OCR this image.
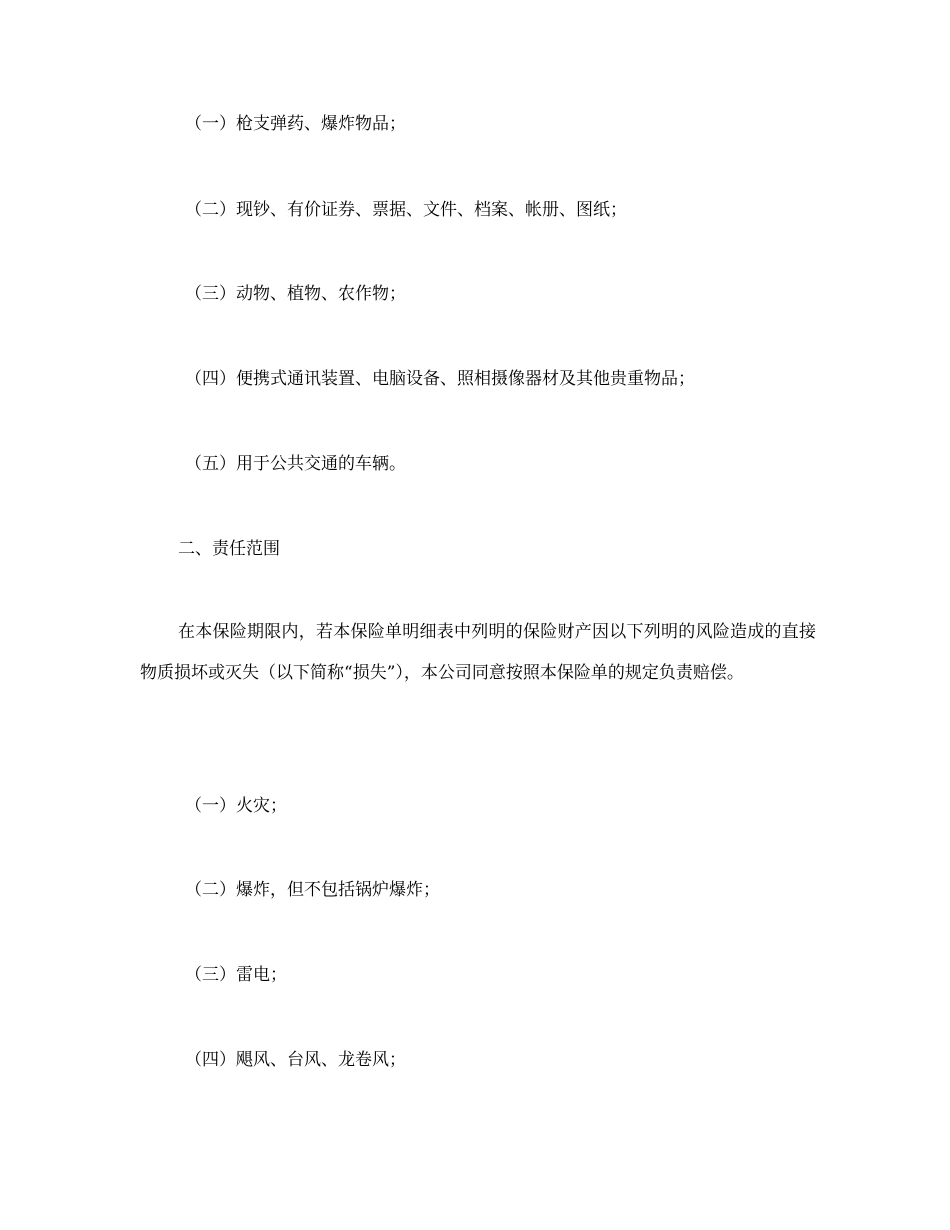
（一）枪支弹药、爆炸物品；
（二）现钞、有价证券、票据、文件、档案、帐册、图纸；
（三）动物、植物、农作物；
（四）便携式通讯装置、电脑设备、照相摄像器材及其他贵重物品；
（五）用于公共交通的车辆。
二、责任范围
在本保险期限内，若本保险单明细表中列明的保险财产因以下列明的风险造成的直接物质损坏或灭失（以下简称“损失”），本公司同意按照本保险单的规定负责赔偿。
（一）火灾；
（二）爆炸，但不包括锅炉爆炸；
（三）雷电；
（四）飓风、台风、龙卷风；
